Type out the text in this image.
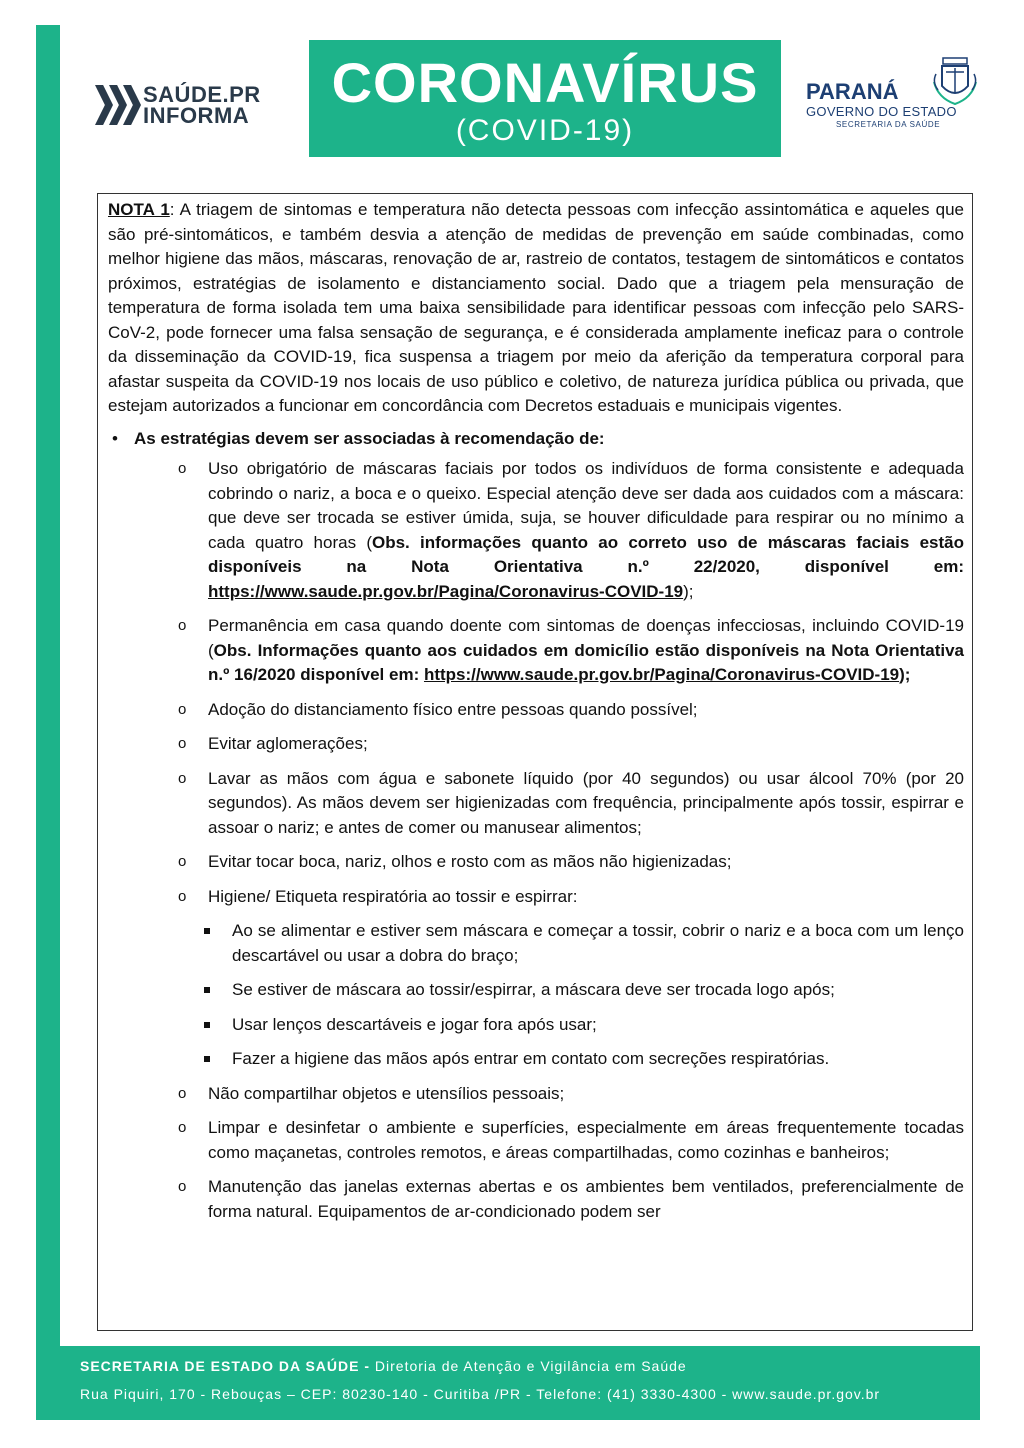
SAÚDE.PR
INFORMA
CORONAVÍRUS
(COVID-19)
PARANÁ
GOVERNO DO ESTADO
SECRETARIA DA SAÚDE

NOTA 1: A triagem de sintomas e temperatura não detecta pessoas com infecção assintomática e aqueles que são pré-sintomáticos, e também desvia a atenção de medidas de prevenção em saúde combinadas, como melhor higiene das mãos, máscaras, renovação de ar, rastreio de contatos, testagem de sintomáticos e contatos próximos, estratégias de isolamento e distanciamento social. Dado que a triagem pela mensuração de temperatura de forma isolada tem uma baixa sensibilidade para identificar pessoas com infecção pelo SARS-CoV-2, pode fornecer uma falsa sensação de segurança, e é considerada amplamente ineficaz para o controle da disseminação da COVID-19, fica suspensa a triagem por meio da aferição da temperatura corporal para afastar suspeita da COVID-19 nos locais de uso público e coletivo, de natureza jurídica pública ou privada, que estejam autorizados a funcionar em concordância com Decretos estaduais e municipais vigentes.

• As estratégias devem ser associadas à recomendação de:
o Uso obrigatório de máscaras faciais por todos os indivíduos de forma consistente e adequada cobrindo o nariz, a boca e o queixo. Especial atenção deve ser dada aos cuidados com a máscara: que deve ser trocada se estiver úmida, suja, se houver dificuldade para respirar ou no mínimo a cada quatro horas (Obs. informações quanto ao correto uso de máscaras faciais estão disponíveis na Nota Orientativa n.º 22/2020, disponível em: https://www.saude.pr.gov.br/Pagina/Coronavirus-COVID-19);
o Permanência em casa quando doente com sintomas de doenças infecciosas, incluindo COVID-19 (Obs. Informações quanto aos cuidados em domicílio estão disponíveis na Nota Orientativa n.º 16/2020 disponível em: https://www.saude.pr.gov.br/Pagina/Coronavirus-COVID-19);
o Adoção do distanciamento físico entre pessoas quando possível;
o Evitar aglomerações;
o Lavar as mãos com água e sabonete líquido (por 40 segundos) ou usar álcool 70% (por 20 segundos). As mãos devem ser higienizadas com frequência, principalmente após tossir, espirrar e assoar o nariz; e antes de comer ou manusear alimentos;
o Evitar tocar boca, nariz, olhos e rosto com as mãos não higienizadas;
o Higiene/ Etiqueta respiratória ao tossir e espirrar:
Ao se alimentar e estiver sem máscara e começar a tossir, cobrir o nariz e a boca com um lenço descartável ou usar a dobra do braço;
Se estiver de máscara ao tossir/espirrar, a máscara deve ser trocada logo após;
Usar lenços descartáveis e jogar fora após usar;
Fazer a higiene das mãos após entrar em contato com secreções respiratórias.
o Não compartilhar objetos e utensílios pessoais;
o Limpar e desinfetar o ambiente e superfícies, especialmente em áreas frequentemente tocadas como maçanetas, controles remotos, e áreas compartilhadas, como cozinhas e banheiros;
o Manutenção das janelas externas abertas e os ambientes bem ventilados, preferencialmente de forma natural. Equipamentos de ar-condicionado podem ser
SECRETARIA DE ESTADO DA SAÚDE - Diretoria de Atenção e Vigilância em Saúde
Rua Piquiri, 170 - Rebouças – CEP: 80230-140 - Curitiba /PR - Telefone: (41) 3330-4300 - www.saude.pr.gov.br
